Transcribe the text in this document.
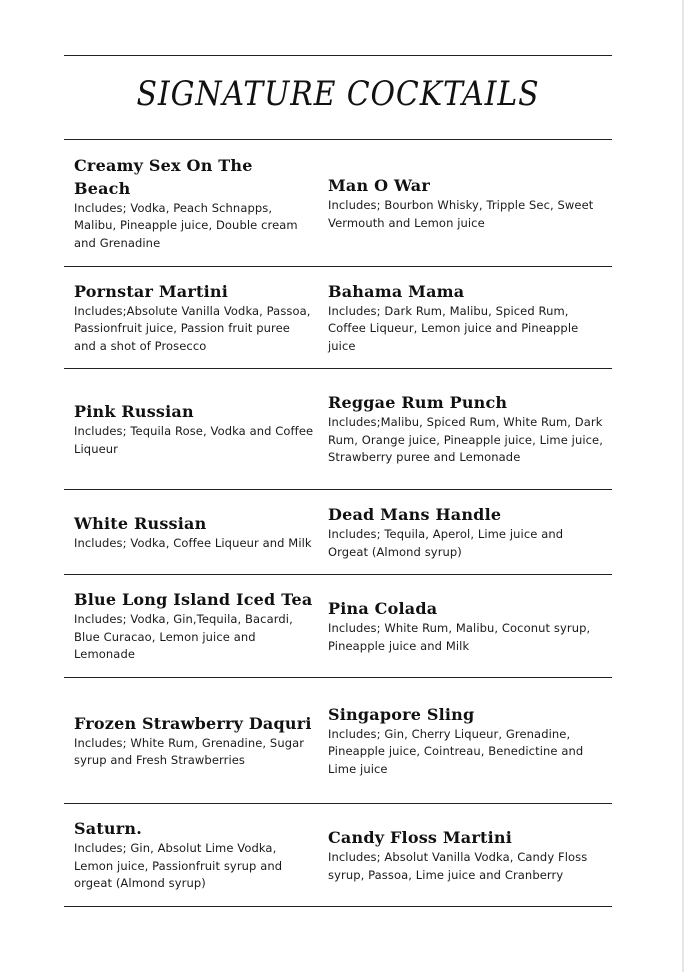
SIGNATURE COCKTAILS
Creamy Sex On The Beach
Includes; Vodka, Peach Schnapps, Malibu, Pineapple juice, Double cream and Grenadine
Man O War
Includes; Bourbon Whisky, Tripple Sec, Sweet Vermouth and Lemon juice
Pornstar Martini
Includes;Absolute Vanilla Vodka, Passoa, Passionfruit juice, Passion fruit puree and a shot of Prosecco
Bahama Mama
Includes; Dark Rum, Malibu, Spiced Rum, Coffee Liqueur, Lemon juice and Pineapple juice
Pink Russian
Includes; Tequila Rose, Vodka and Coffee Liqueur
Reggae Rum Punch
Includes;Malibu, Spiced Rum, White Rum, Dark Rum, Orange juice, Pineapple juice, Lime juice, Strawberry puree and Lemonade
White Russian
Includes; Vodka, Coffee Liqueur and Milk
Dead Mans Handle
Includes; Tequila, Aperol, Lime juice and Orgeat (Almond syrup)
Blue Long Island Iced Tea
Includes; Vodka, Gin,Tequila, Bacardi, Blue Curacao, Lemon juice and Lemonade
Pina Colada
Includes; White Rum, Malibu, Coconut syrup, Pineapple juice and Milk
Frozen Strawberry Daquri
Includes; White Rum, Grenadine, Sugar syrup and Fresh Strawberries
Singapore Sling
Includes; Gin, Cherry Liqueur, Grenadine, Pineapple juice, Cointreau, Benedictine and Lime juice
Saturn.
Includes; Gin, Absolut Lime Vodka, Lemon juice, Passionfruit syrup and orgeat (Almond syrup)
Candy Floss Martini
Includes; Absolut Vanilla Vodka, Candy Floss syrup, Passoa, Lime juice and Cranberry
